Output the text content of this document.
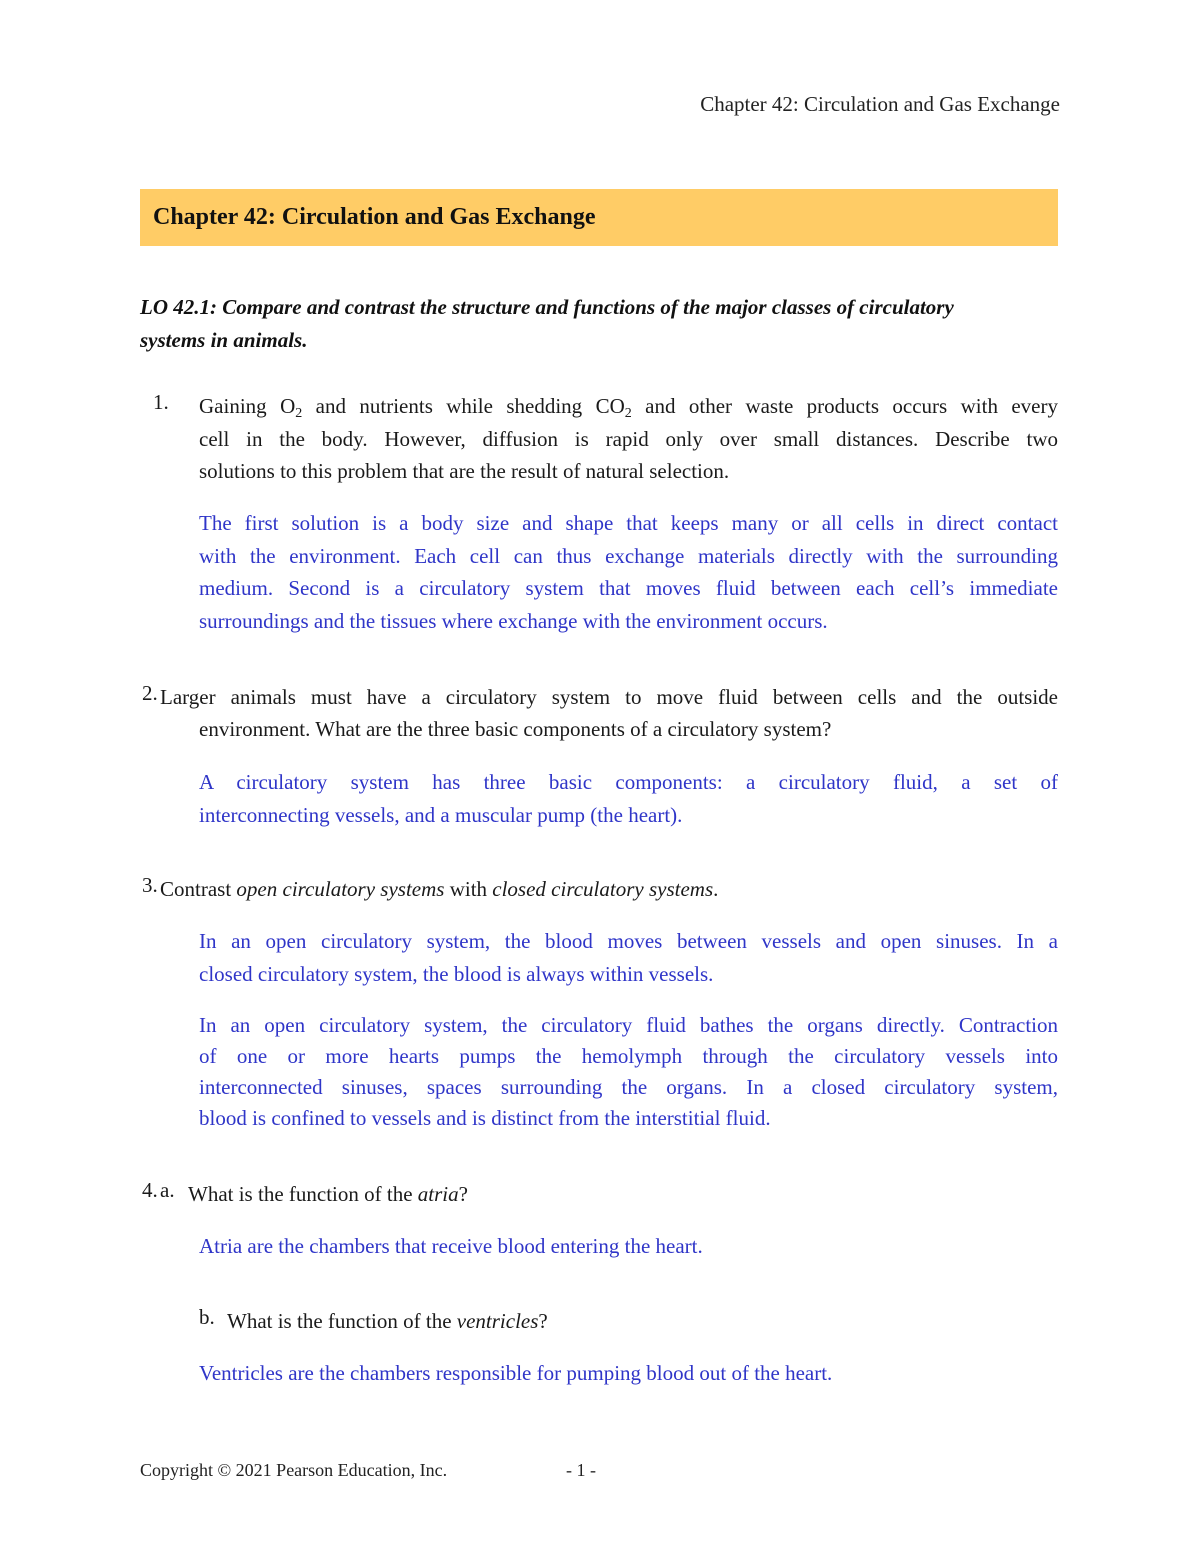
Chapter 42: Circulation and Gas Exchange
Chapter 42: Circulation and Gas Exchange
LO 42.1: Compare and contrast the structure and functions of the major classes of circulatory
systems in animals.
1. Gaining $O_2$ and nutrients while shedding $CO_2$ and other waste products occurs with every
cell in the body. However, diffusion is rapid only over small distances. Describe two
solutions to this problem that are the result of natural selection.
The first solution is a body size and shape that keeps many or all cells in direct contact
with the environment. Each cell can thus exchange materials directly with the surrounding
medium. Second is a circulatory system that moves fluid between each cell’s immediate
surroundings and the tissues where exchange with the environment occurs.
2. Larger animals must have a circulatory system to move fluid between cells and the outside
environment. What are the three basic components of a circulatory system?
A circulatory system has three basic components: a circulatory fluid, a set of
interconnecting vessels, and a muscular pump (the heart).
3. Contrast open circulatory systems with closed circulatory systems.
In an open circulatory system, the blood moves between vessels and open sinuses. In a
closed circulatory system, the blood is always within vessels.
In an open circulatory system, the circulatory fluid bathes the organs directly. Contraction
of one or more hearts pumps the hemolymph through the circulatory vessels into
interconnected sinuses, spaces surrounding the organs. In a closed circulatory system,
blood is confined to vessels and is distinct from the interstitial fluid.
4. a. What is the function of the atria?
Atria are the chambers that receive blood entering the heart.
b. What is the function of the ventricles?
Ventricles are the chambers responsible for pumping blood out of the heart.
Copyright © 2021 Pearson Education, Inc.	- 1 -
